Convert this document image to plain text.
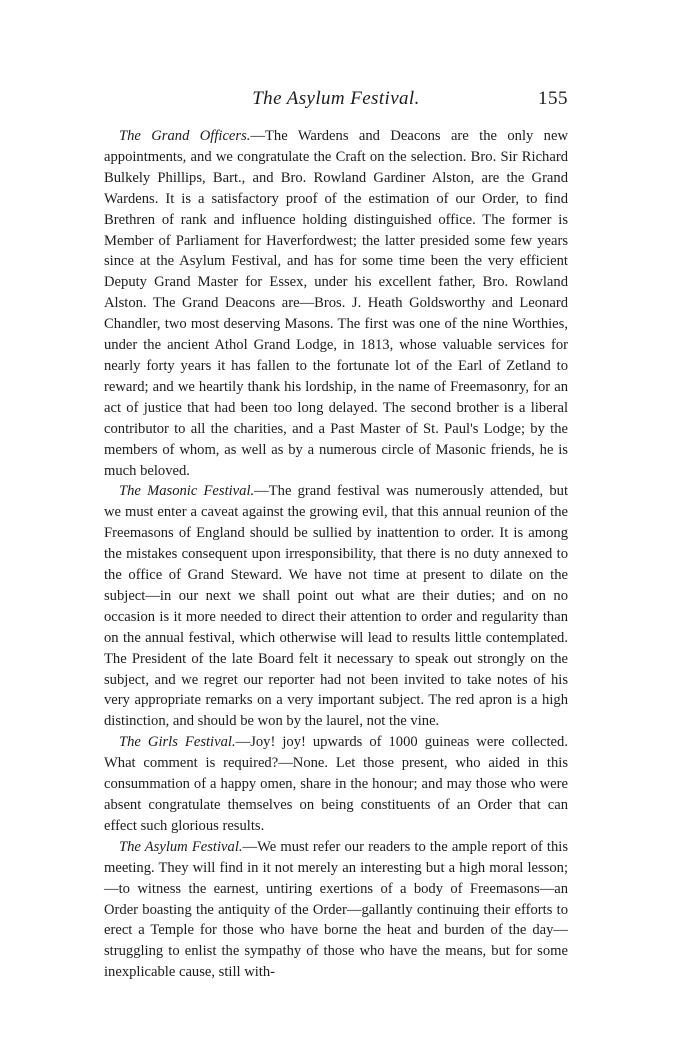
The Asylum Festival.	155

The Grand Officers.—The Wardens and Deacons are the only new appointments, and we congratulate the Craft on the selection. Bro. Sir Richard Bulkely Phillips, Bart., and Bro. Rowland Gardiner Alston, are the Grand Wardens. It is a satisfactory proof of the estimation of our Order, to find Brethren of rank and influence holding distinguished office. The former is Member of Parliament for Haverfordwest; the latter presided some few years since at the Asylum Festival, and has for some time been the very efficient Deputy Grand Master for Essex, under his excellent father, Bro. Rowland Alston. The Grand Deacons are—Bros. J. Heath Goldsworthy and Leonard Chandler, two most deserving Masons. The first was one of the nine Worthies, under the ancient Athol Grand Lodge, in 1813, whose valuable services for nearly forty years it has fallen to the fortunate lot of the Earl of Zetland to reward; and we heartily thank his lordship, in the name of Freemasonry, for an act of justice that had been too long delayed. The second brother is a liberal contributor to all the charities, and a Past Master of St. Paul's Lodge; by the members of whom, as well as by a numerous circle of Masonic friends, he is much beloved.

The Masonic Festival.—The grand festival was numerously attended, but we must enter a caveat against the growing evil, that this annual reunion of the Freemasons of England should be sullied by inattention to order. It is among the mistakes consequent upon irresponsibility, that there is no duty annexed to the office of Grand Steward. We have not time at present to dilate on the subject—in our next we shall point out what are their duties; and on no occasion is it more needed to direct their attention to order and regularity than on the annual festival, which otherwise will lead to results little contemplated. The President of the late Board felt it necessary to speak out strongly on the subject, and we regret our reporter had not been invited to take notes of his very appropriate remarks on a very important subject. The red apron is a high distinction, and should be won by the laurel, not the vine.

The Girls Festival.—Joy! joy! upwards of 1000 guineas were collected. What comment is required?—None. Let those present, who aided in this consummation of a happy omen, share in the honour; and may those who were absent congratulate themselves on being constituents of an Order that can effect such glorious results.

The Asylum Festival.—We must refer our readers to the ample report of this meeting. They will find in it not merely an interesting but a high moral lesson;—to witness the earnest, untiring exertions of a body of Freemasons—an Order boasting the antiquity of the Order—gallantly continuing their efforts to erect a Temple for those who have borne the heat and burden of the day—struggling to enlist the sympathy of those who have the means, but for some inexplicable cause, still with-
